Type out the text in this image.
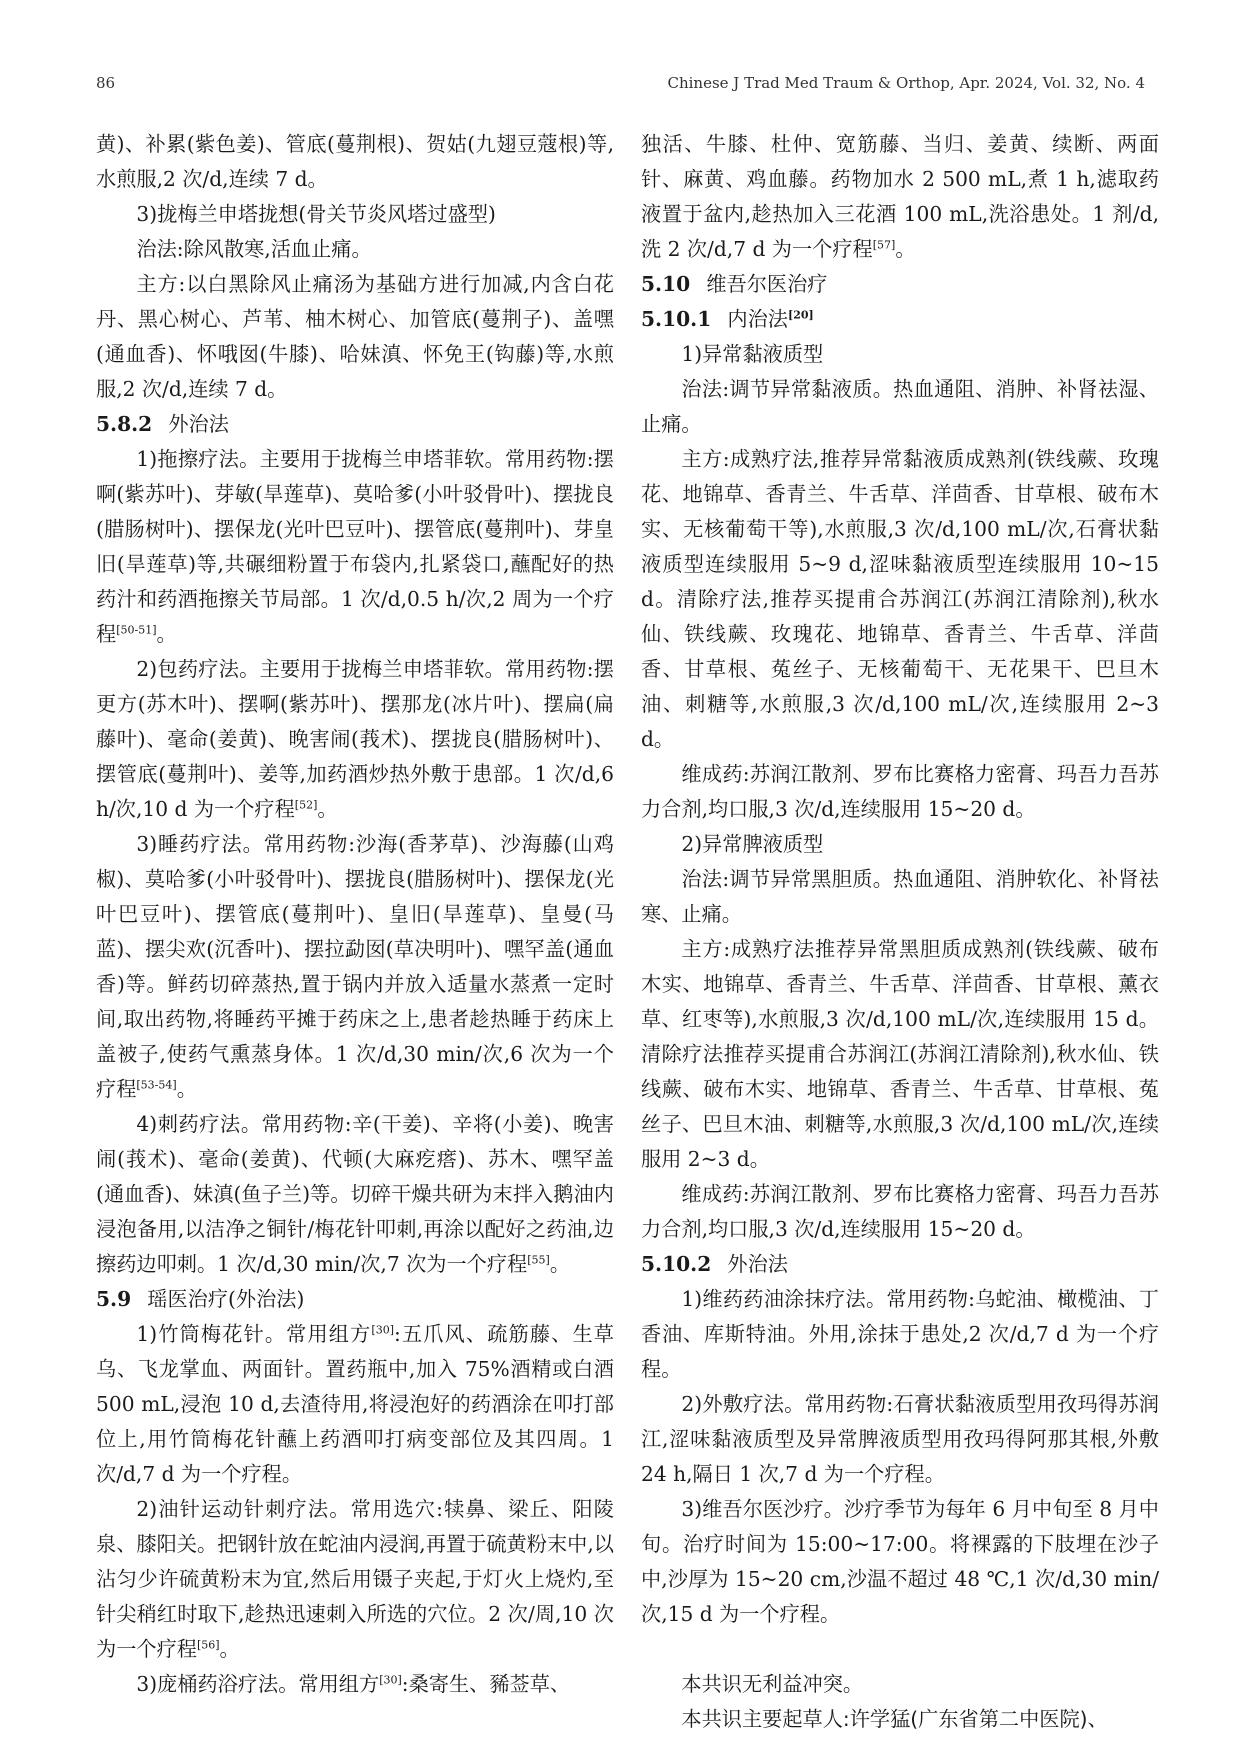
86	Chinese J Trad Med Traum & Orthop, Apr. 2024, Vol. 32, No. 4

黄)、补累(紫色姜)、管底(蔓荆根)、贺姑(九翅豆蔻根)等,水煎服,2 次/d,连续 7 d。

3)拢梅兰申塔拢想(骨关节炎风塔过盛型)

治法:除风散寒,活血止痛。

主方:以白黑除风止痛汤为基础方进行加减,内含白花丹、黑心树心、芦苇、柚木树心、加管底(蔓荆子)、盖嘿(通血香)、怀哦囡(牛膝)、哈妹滇、怀免王(钩藤)等,水煎服,2 次/d,连续 7 d。

5.8.2 外治法

1)拖擦疗法。主要用于拢梅兰申塔菲软。常用药物:摆啊(紫苏叶)、芽敏(旱莲草)、莫哈爹(小叶驳骨叶)、摆拢良(腊肠树叶)、摆保龙(光叶巴豆叶)、摆管底(蔓荆叶)、芽皇旧(旱莲草)等,共碾细粉置于布袋内,扎紧袋口,蘸配好的热药汁和药酒拖擦关节局部。1 次/d,0.5 h/次,2 周为一个疗程[50-51]。

2)包药疗法。主要用于拢梅兰申塔菲软。常用药物:摆更方(苏木叶)、摆啊(紫苏叶)、摆那龙(冰片叶)、摆扁(扁藤叶)、毫命(姜黄)、晚害闹(莪术)、摆拢良(腊肠树叶)、摆管底(蔓荆叶)、姜等,加药酒炒热外敷于患部。1 次/d,6 h/次,10 d 为一个疗程[52]。

3)睡药疗法。常用药物:沙海(香茅草)、沙海藤(山鸡椒)、莫哈爹(小叶驳骨叶)、摆拢良(腊肠树叶)、摆保龙(光叶巴豆叶)、摆管底(蔓荆叶)、皇旧(旱莲草)、皇曼(马蓝)、摆尖欢(沉香叶)、摆拉勐囡(草决明叶)、嘿罕盖(通血香)等。鲜药切碎蒸热,置于锅内并放入适量水蒸煮一定时间,取出药物,将睡药平摊于药床之上,患者趁热睡于药床上盖被子,使药气熏蒸身体。1 次/d,30 min/次,6 次为一个疗程[53-54]。

4)刺药疗法。常用药物:辛(干姜)、辛将(小姜)、晚害闹(莪术)、毫命(姜黄)、代顿(大麻疙瘩)、苏木、嘿罕盖(通血香)、妹滇(鱼子兰)等。切碎干燥共研为末拌入鹅油内浸泡备用,以洁净之铜针/梅花针叩刺,再涂以配好之药油,边擦药边叩刺。1 次/d,30 min/次,7 次为一个疗程[55]。

5.9 瑶医治疗(外治法)

1)竹筒梅花针。常用组方[30]:五爪风、疏筋藤、生草乌、飞龙掌血、两面针。置药瓶中,加入 75%酒精或白酒 500 mL,浸泡 10 d,去渣待用,将浸泡好的药酒涂在叩打部位上,用竹筒梅花针蘸上药酒叩打病变部位及其四周。1 次/d,7 d 为一个疗程。

2)油针运动针刺疗法。常用选穴:犊鼻、梁丘、阳陵泉、膝阳关。把钢针放在蛇油内浸润,再置于硫黄粉末中,以沾匀少许硫黄粉末为宜,然后用镊子夹起,于灯火上烧灼,至针尖稍红时取下,趁热迅速刺入所选的穴位。2 次/周,10 次为一个疗程[56]。

3)庞桶药浴疗法。常用组方[30]:桑寄生、豨莶草、

独活、牛膝、杜仲、宽筋藤、当归、姜黄、续断、两面针、麻黄、鸡血藤。药物加水 2 500 mL,煮 1 h,滤取药液置于盆内,趁热加入三花酒 100 mL,洗浴患处。1 剂/d,洗 2 次/d,7 d 为一个疗程[57]。

5.10 维吾尔医治疗

5.10.1 内治法[20]

1)异常黏液质型

治法:调节异常黏液质。热血通阻、消肿、补肾祛湿、止痛。

主方:成熟疗法,推荐异常黏液质成熟剂(铁线蕨、玫瑰花、地锦草、香青兰、牛舌草、洋茴香、甘草根、破布木实、无核葡萄干等),水煎服,3 次/d,100 mL/次,石膏状黏液质型连续服用 5~9 d,涩味黏液质型连续服用 10~15 d。清除疗法,推荐买提甫合苏润江(苏润江清除剂),秋水仙、铁线蕨、玫瑰花、地锦草、香青兰、牛舌草、洋茴香、甘草根、菟丝子、无核葡萄干、无花果干、巴旦木油、刺糖等,水煎服,3 次/d,100 mL/次,连续服用 2~3 d。

维成药:苏润江散剂、罗布比赛格力密膏、玛吾力吾苏力合剂,均口服,3 次/d,连续服用 15~20 d。

2)异常脾液质型

治法:调节异常黑胆质。热血通阻、消肿软化、补肾祛寒、止痛。

主方:成熟疗法推荐异常黑胆质成熟剂(铁线蕨、破布木实、地锦草、香青兰、牛舌草、洋茴香、甘草根、薰衣草、红枣等),水煎服,3 次/d,100 mL/次,连续服用 15 d。清除疗法推荐买提甫合苏润江(苏润江清除剂),秋水仙、铁线蕨、破布木实、地锦草、香青兰、牛舌草、甘草根、菟丝子、巴旦木油、刺糖等,水煎服,3 次/d,100 mL/次,连续服用 2~3 d。

维成药:苏润江散剂、罗布比赛格力密膏、玛吾力吾苏力合剂,均口服,3 次/d,连续服用 15~20 d。

5.10.2 外治法

1)维药药油涂抹疗法。常用药物:乌蛇油、橄榄油、丁香油、库斯特油。外用,涂抹于患处,2 次/d,7 d 为一个疗程。

2)外敷疗法。常用药物:石膏状黏液质型用孜玛得苏润江,涩味黏液质型及异常脾液质型用孜玛得阿那其根,外敷 24 h,隔日 1 次,7 d 为一个疗程。

3)维吾尔医沙疗。沙疗季节为每年 6 月中旬至 8 月中旬。治疗时间为 15:00~17:00。将裸露的下肢埋在沙子中,沙厚为 15~20 cm,沙温不超过 48 ℃,1 次/d,30 min/次,15 d 为一个疗程。

本共识无利益冲突。

本共识主要起草人:许学猛(广东省第二中医院)、
